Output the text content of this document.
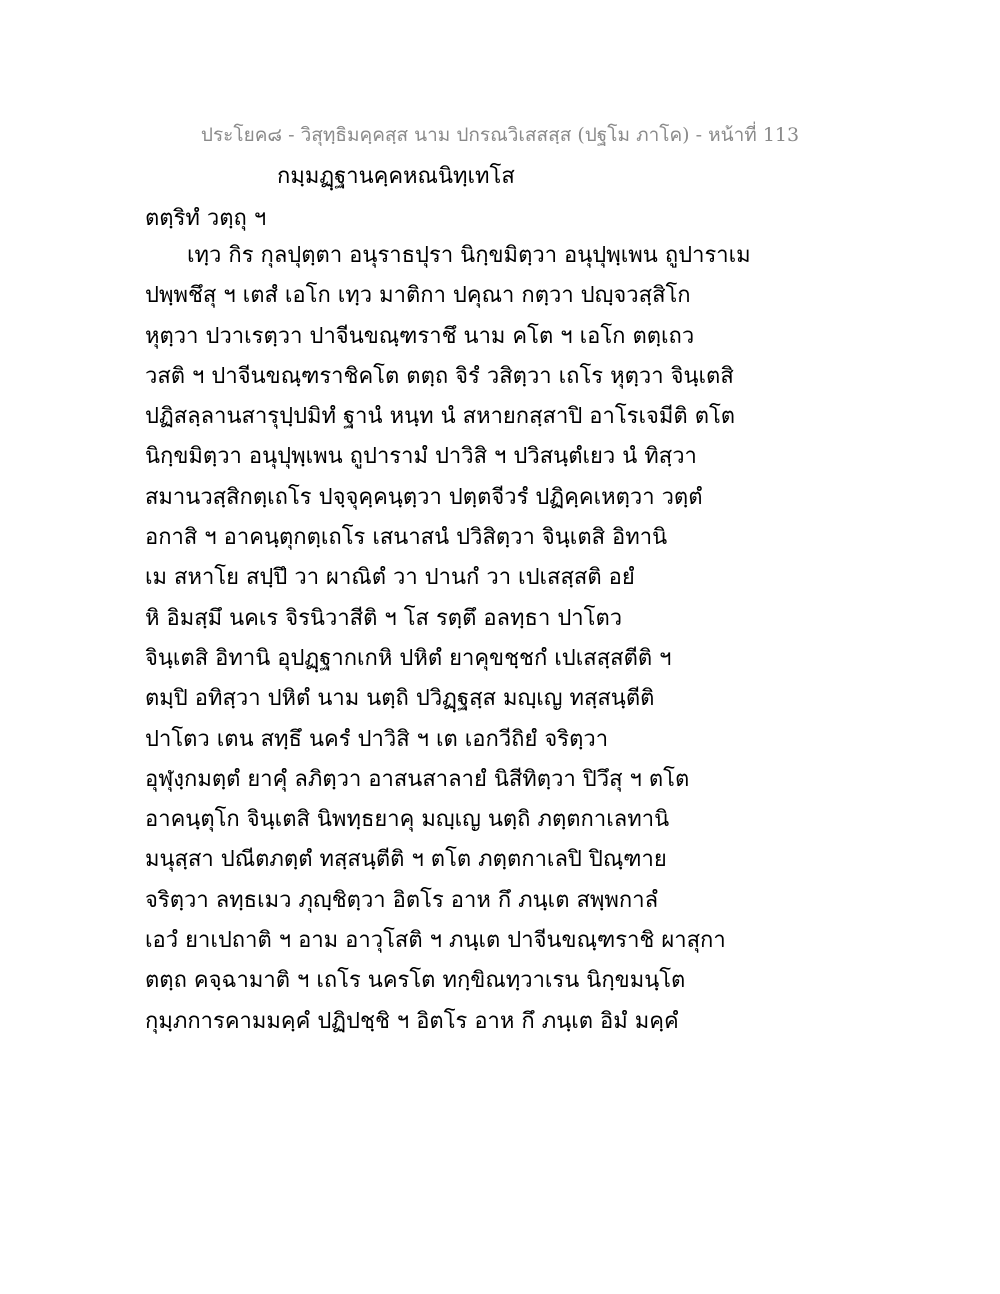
ประโยค๘ - วิสุทฺธิมคฺคสฺส นาม ปกรณวิเสสสฺส (ปฐโม ภาโค) - หน้าที่ 113
กมฺมฏฺฐานคฺคหณนิทฺเทโส
ตตฺริทํ วตฺถุ ฯ
เทฺว กิร กุลปุตฺตา อนุราธปุรา นิกฺขมิตฺวา อนุปุพฺเพน ถูปาราเม
ปพฺพชึสุ ฯ เตสํ เอโก เทฺว มาติกา ปคุณา กตฺวา ปญฺจวสฺสิโก
หุตฺวา ปวาเรตฺวา ปาจีนขณฺฑราชึ นาม คโต ฯ เอโก ตตฺเถว
วสติ ฯ ปาจีนขณฺฑราชิคโต ตตฺถ จิรํ วสิตฺวา เถโร หุตฺวา จินฺเตสิ
ปฏิสลฺลานสารุปฺปมิทํ ฐานํ หนฺท นํ สหายกสฺสาปิ อาโรเจมีติ ตโต
นิกฺขมิตฺวา อนุปุพฺเพน ถูปารามํ ปาวิสิ ฯ ปวิสนฺตํเยว นํ ทิสฺวา
สมานวสฺสิกตฺเถโร ปจฺจุคฺคนฺตฺวา ปตฺตจีวรํ ปฏิคฺคเหตฺวา วตฺตํ
อกาสิ ฯ อาคนฺตุกตฺเถโร เสนาสนํ ปวิสิตฺวา จินฺเตสิ อิทานิ
เม สหาโย สปฺปึ วา ผาณิตํ วา ปานกํ วา เปเสสฺสติ อยํ
หิ อิมสฺมึ นคเร จิรนิวาสีติ ฯ โส รตฺตึ อลทฺธา ปาโตว
จินฺเตสิ อิทานิ อุปฏฺฐากเกหิ ปหิตํ ยาคุขชฺชกํ เปเสสฺสตีติ ฯ
ตมฺปิ อทิสฺวา ปหิตํ นาม นตฺถิ ปวิฏฺฐสฺส มญฺเญ ทสฺสนฺตีติ
ปาโตว เตน สทฺธึ นครํ ปาวิสิ ฯ เต เอกวีถิยํ จริตฺวา
อุฬุงฺกมตฺตํ ยาคุํ ลภิตฺวา อาสนสาลายํ นิสีทิตฺวา ปิวึสุ ฯ ตโต
อาคนฺตุโก จินฺเตสิ นิพทฺธยาคุ มญฺเญ นตฺถิ ภตฺตกาเลทานิ
มนุสฺสา ปณีตภตฺตํ ทสฺสนฺตีติ ฯ ตโต ภตฺตกาเลปิ ปิณฺฑาย
จริตฺวา ลทฺธเมว ภุญฺชิตฺวา อิตโร อาห กึ ภนฺเต สพฺพกาลํ
เอวํ ยาเปถาติ ฯ อาม อาวุโสติ ฯ ภนฺเต ปาจีนขณฺฑราชิ ผาสุกา
ตตฺถ คจฺฉามาติ ฯ เถโร นครโต ทกฺขิณทฺวาเรน นิกฺขมนฺโต
กุมฺภการคามมคฺคํ ปฏิปชฺชิ ฯ อิตโร อาห กึ ภนฺเต อิมํ มคฺคํ
